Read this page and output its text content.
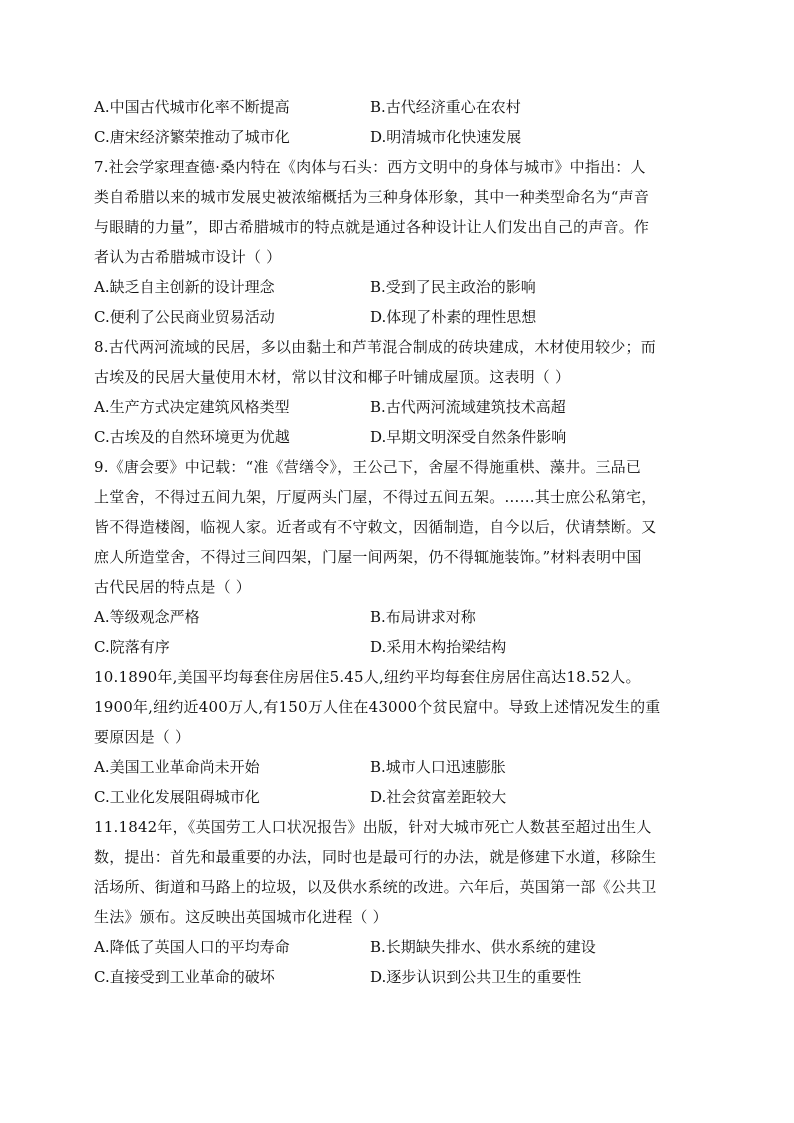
A.中国古代城市化率不断提高	B.古代经济重心在农村
C.唐宋经济繁荣推动了城市化	D.明清城市化快速发展
7.社会学家理查德·桑内特在《肉体与石头：西方文明中的身体与城市》中指出：人
类自希腊以来的城市发展史被浓缩概括为三种身体形象，其中一种类型命名为“声音
与眼睛的力量”，即古希腊城市的特点就是通过各种设计让人们发出自己的声音。作
者认为古希腊城市设计（ ）
A.缺乏自主创新的设计理念	B.受到了民主政治的影响
C.便利了公民商业贸易活动	D.体现了朴素的理性思想
8.古代两河流域的民居，多以由黏土和芦苇混合制成的砖块建成，木材使用较少；而
古埃及的民居大量使用木材，常以甘汶和椰子叶铺成屋顶。这表明（ ）
A.生产方式决定建筑风格类型	B.古代两河流域建筑技术高超
C.古埃及的自然环境更为优越	D.早期文明深受自然条件影响
9.《唐会要》中记载：“准《营缮令》，王公己下，舍屋不得施重栱、藻井。三品已
上堂舍，不得过五间九架，厅厦两头门屋，不得过五间五架。……其士庶公私第宅，
皆不得造楼阁，临视人家。近者或有不守敕文，因循制造，自今以后，伏请禁断。又
庶人所造堂舍，不得过三间四架，门屋一间两架，仍不得辄施装饰。”材料表明中国
古代民居的特点是（ ）
A.等级观念严格	B.布局讲求对称
C.院落有序	D.采用木构抬梁结构
10.1890年,美国平均每套住房居住5.45人,纽约平均每套住房居住高达18.52人。
1900年,纽约近400万人,有150万人住在43000个贫民窟中。导致上述情况发生的重
要原因是（ ）
A.美国工业革命尚未开始	B.城市人口迅速膨胀
C.工业化发展阻碍城市化	D.社会贫富差距较大
11.1842年，《英国劳工人口状况报告》出版，针对大城市死亡人数甚至超过出生人
数，提出：首先和最重要的办法，同时也是最可行的办法，就是修建下水道，移除生
活场所、街道和马路上的垃圾，以及供水系统的改进。六年后，英国第一部《公共卫
生法》颁布。这反映出英国城市化进程（ ）
A.降低了英国人口的平均寿命	B.长期缺失排水、供水系统的建设
C.直接受到工业革命的破坏	D.逐步认识到公共卫生的重要性
